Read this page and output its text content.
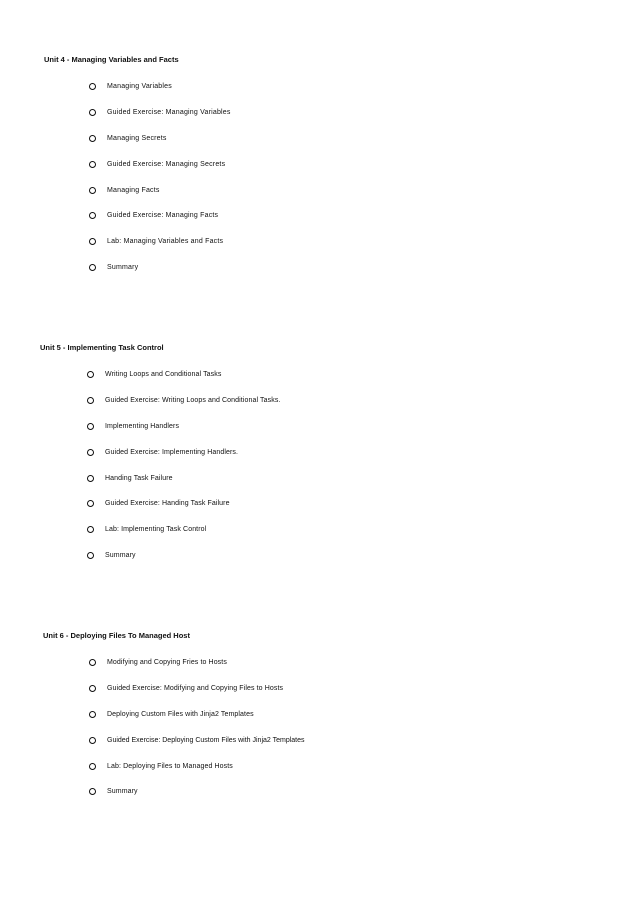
Unit 4 - Managing Variables and Facts
Managing Variables
Guided Exercise: Managing Variables
Managing Secrets
Guided Exercise: Managing Secrets
Managing Facts
Guided Exercise: Managing Facts
Lab: Managing Variables and Facts
Summary
Unit 5 - Implementing Task Control
Writing Loops and Conditional Tasks
Guided Exercise: Writing Loops and Conditional Tasks.
Implementing Handlers
Guided Exercise: Implementing Handlers.
Handing Task Failure
Guided Exercise: Handing Task Failure
Lab: Implementing Task Control
Summary
Unit 6 - Deploying Files To Managed Host
Modifying and Copying Fries to Hosts
Guided Exercise: Modifying and Copying Files to Hosts
Deploying Custom Files with Jinja2 Templates
Guided Exercise: Deploying Custom Files with Jinja2 Templates
Lab: Deploying Files to Managed Hosts
Summary
